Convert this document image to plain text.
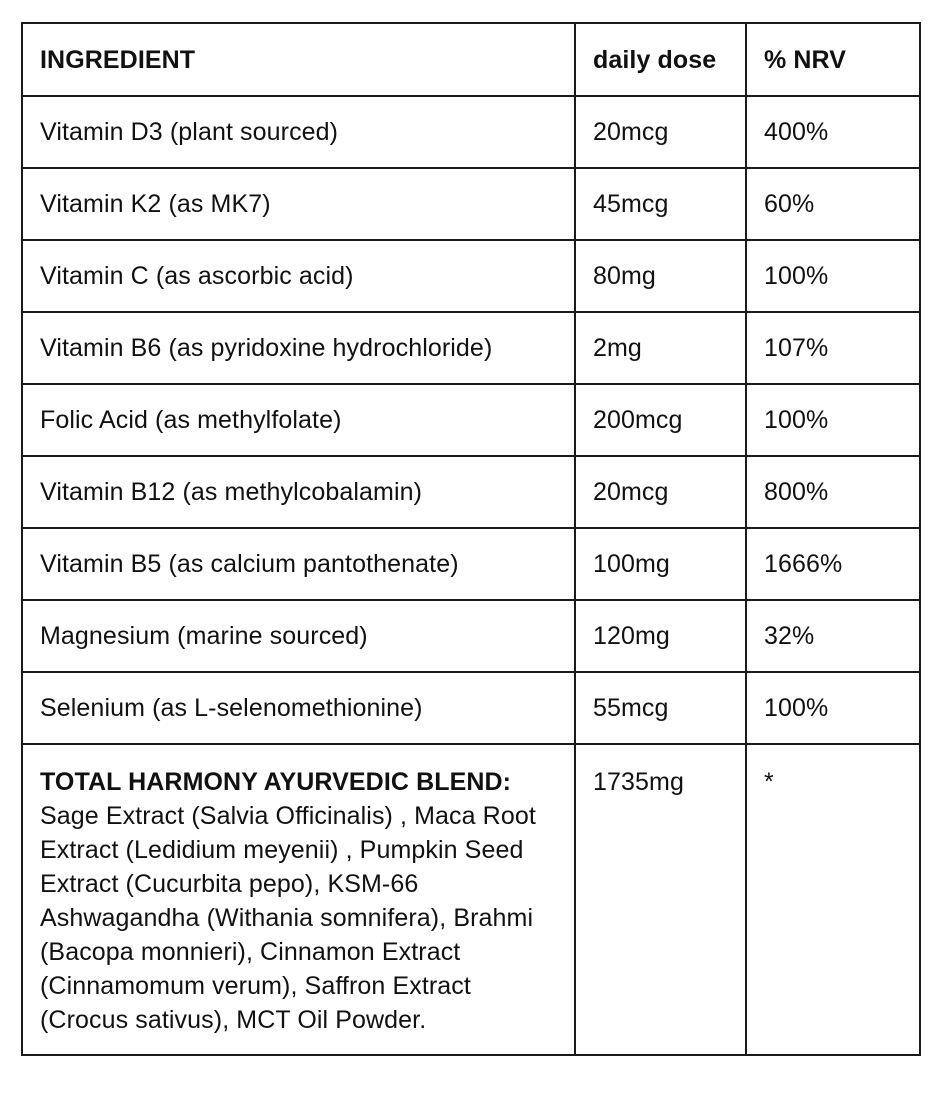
INGREDIENT	daily dose	% NRV
Vitamin D3 (plant sourced)	20mcg	400%
Vitamin K2 (as MK7)	45mcg	60%
Vitamin C (as ascorbic acid)	80mg	100%
Vitamin B6 (as pyridoxine hydrochloride)	2mg	107%
Folic Acid (as methylfolate)	200mcg	100%
Vitamin B12 (as methylcobalamin)	20mcg	800%
Vitamin B5 (as calcium pantothenate)	100mg	1666%
Magnesium (marine sourced)	120mg	32%
Selenium (as L-selenomethionine)	55mcg	100%

TOTAL HARMONY AYURVEDIC BLEND:
Sage Extract (Salvia Officinalis) , Maca Root Extract (Ledidium meyenii) , Pumpkin Seed Extract (Cucurbita pepo), KSM-66 Ashwagandha (Withania somnifera), Brahmi (Bacopa monnieri), Cinnamon Extract (Cinnamomum verum), Saffron Extract (Crocus sativus), MCT Oil Powder.	1735mg	*
